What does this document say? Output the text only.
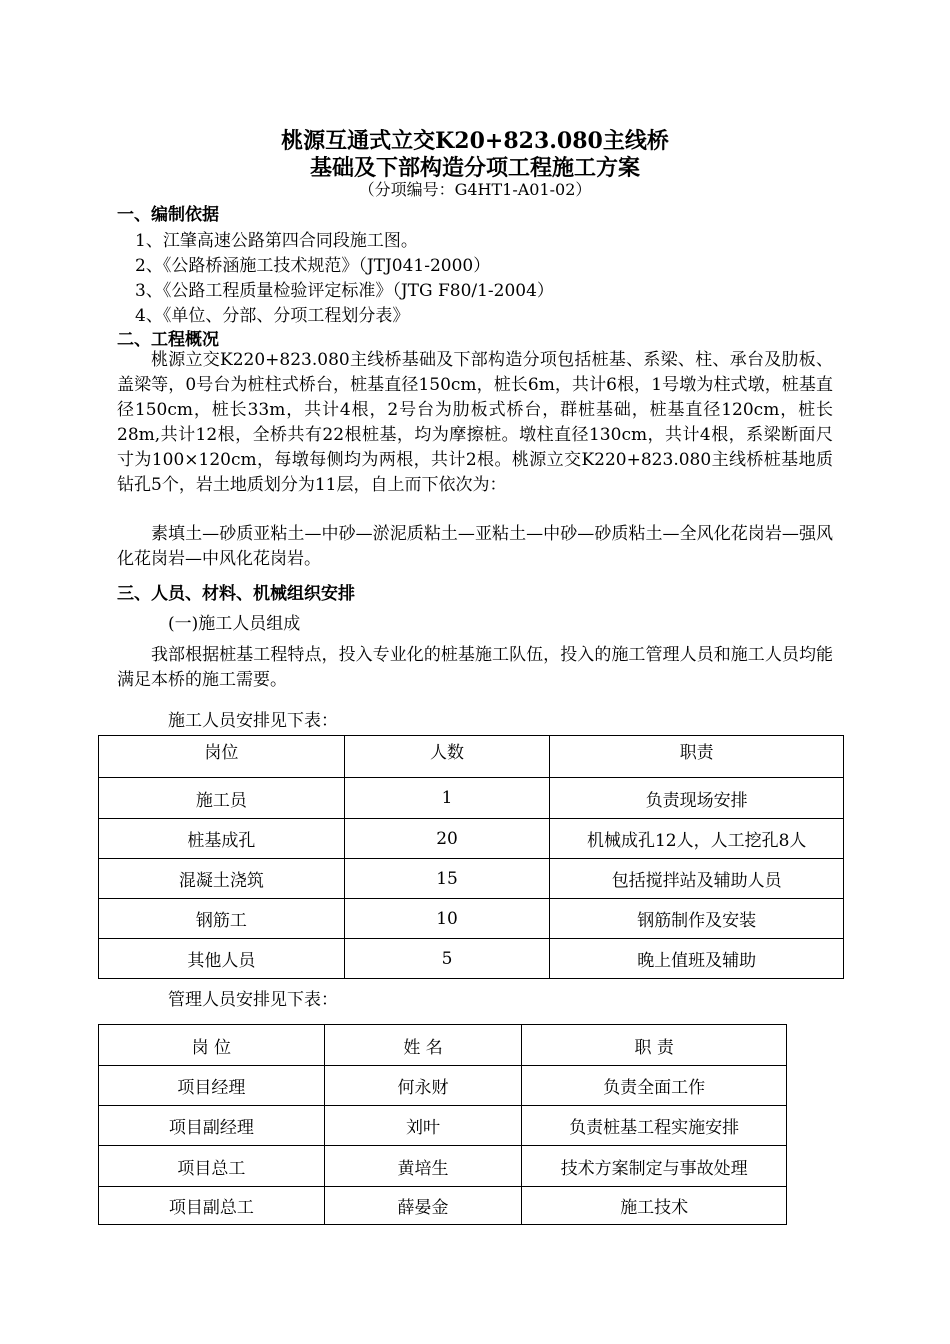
桃源互通式立交K20+823.080主线桥
基础及下部构造分项工程施工方案
（分项编号：G4HT1-A01-02）
一、编制依据
1、江肇高速公路第四合同段施工图。
2、《公路桥涵施工技术规范》（JTJ041-2000）
3、《公路工程质量检验评定标准》（JTG F80/1-2004）
4、《单位、分部、分项工程划分表》
二、工程概况
桃源立交K220+823.080主线桥基础及下部构造分项包括桩基、系梁、柱、承台及肋板、盖梁等，0号台为桩柱式桥台，桩基直径150cm，桩长6m，共计6根，1号墩为柱式墩，桩基直径150cm，桩长33m，共计4根，2号台为肋板式桥台，群桩基础，桩基直径120cm，桩长28m,共计12根，全桥共有22根桩基，均为摩擦桩。墩柱直径130cm，共计4根，系梁断面尺寸为100×120cm，每墩每侧均为两根，共计2根。桃源立交K220+823.080主线桥桩基地质钻孔5个，岩土地质划分为11层，自上而下依次为：
素填土—砂质亚粘土—中砂—淤泥质粘土—亚粘土—中砂—砂质粘土—全风化花岗岩—强风化花岗岩—中风化花岗岩。
三、人员、材料、机械组织安排
(一)施工人员组成
我部根据桩基工程特点，投入专业化的桩基施工队伍，投入的施工管理人员和施工人员均能满足本桥的施工需要。
施工人员安排见下表：
岗位	人数	职责
施工员	1	负责现场安排
桩基成孔	20	机械成孔12人，人工挖孔8人
混凝土浇筑	15	包括搅拌站及辅助人员
钢筋工	10	钢筋制作及安装
其他人员	5	晚上值班及辅助
管理人员安排见下表：
岗 位	姓 名	职 责
项目经理	何永财	负责全面工作
项目副经理	刘叶	负责桩基工程实施安排
项目总工	黄培生	技术方案制定与事故处理
项目副总工	薛晏金	施工技术
